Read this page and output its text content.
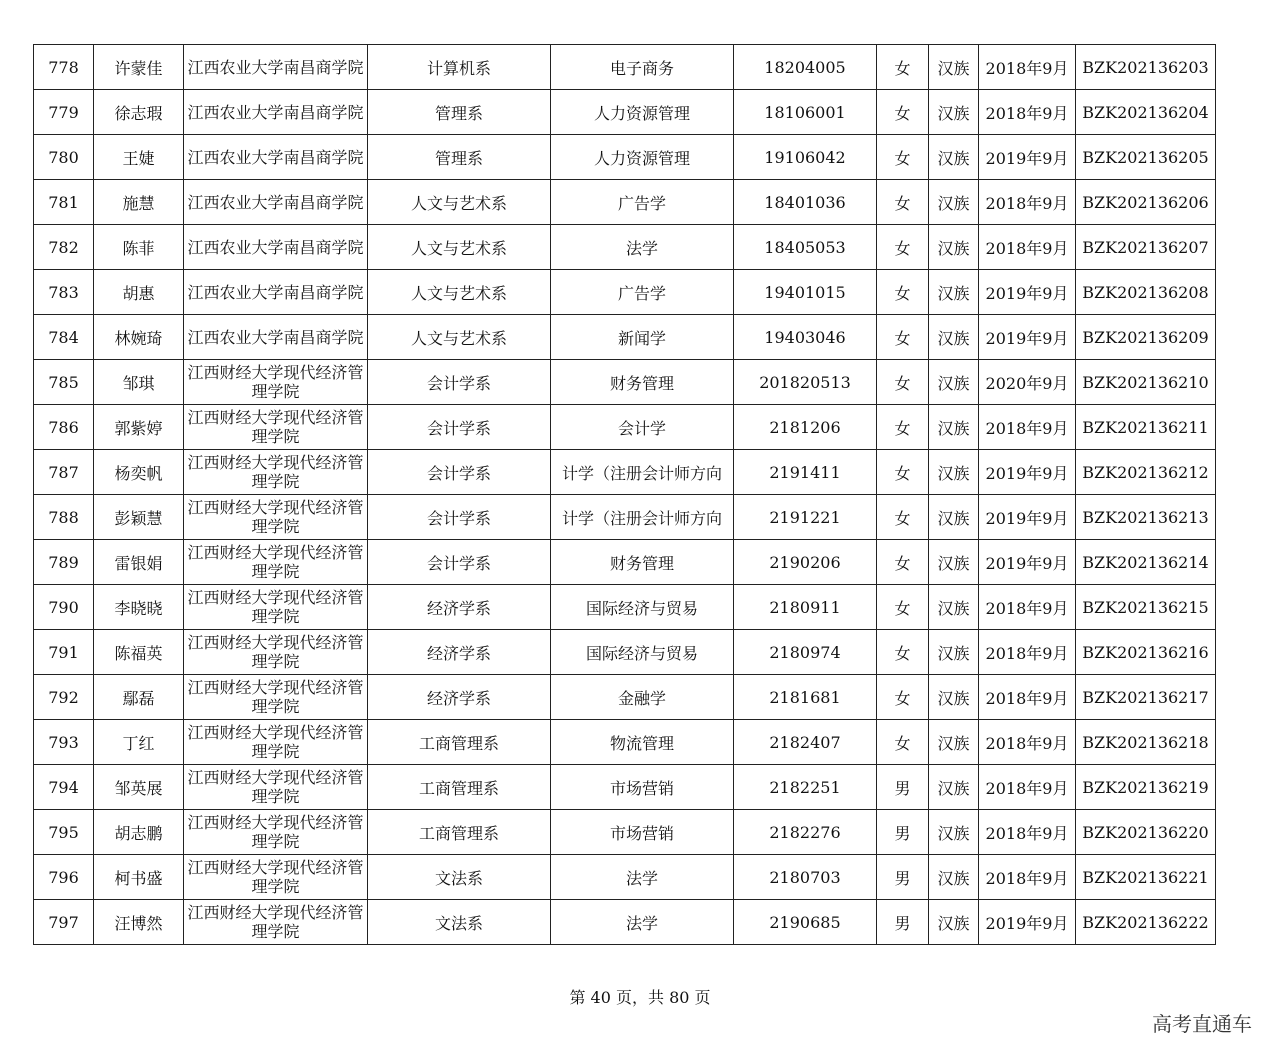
778	许蒙佳	江西农业大学南昌商学院	计算机系	电子商务	18204005	女	汉族	2018年9月	BZK202136203
779	徐志瑕	江西农业大学南昌商学院	管理系	人力资源管理	18106001	女	汉族	2018年9月	BZK202136204
780	王婕	江西农业大学南昌商学院	管理系	人力资源管理	19106042	女	汉族	2019年9月	BZK202136205
781	施慧	江西农业大学南昌商学院	人文与艺术系	广告学	18401036	女	汉族	2018年9月	BZK202136206
782	陈菲	江西农业大学南昌商学院	人文与艺术系	法学	18405053	女	汉族	2018年9月	BZK202136207
783	胡惠	江西农业大学南昌商学院	人文与艺术系	广告学	19401015	女	汉族	2019年9月	BZK202136208
784	林婉琦	江西农业大学南昌商学院	人文与艺术系	新闻学	19403046	女	汉族	2019年9月	BZK202136209
785	邹琪	江西财经大学现代经济管理学院	会计学系	财务管理	201820513	女	汉族	2020年9月	BZK202136210
786	郭紫婷	江西财经大学现代经济管理学院	会计学系	会计学	2181206	女	汉族	2018年9月	BZK202136211
787	杨奕帆	江西财经大学现代经济管理学院	会计学系	计学（注册会计师方向	2191411	女	汉族	2019年9月	BZK202136212
788	彭颖慧	江西财经大学现代经济管理学院	会计学系	计学（注册会计师方向	2191221	女	汉族	2019年9月	BZK202136213
789	雷银娟	江西财经大学现代经济管理学院	会计学系	财务管理	2190206	女	汉族	2019年9月	BZK202136214
790	李晓晓	江西财经大学现代经济管理学院	经济学系	国际经济与贸易	2180911	女	汉族	2018年9月	BZK202136215
791	陈福英	江西财经大学现代经济管理学院	经济学系	国际经济与贸易	2180974	女	汉族	2018年9月	BZK202136216
792	鄢磊	江西财经大学现代经济管理学院	经济学系	金融学	2181681	女	汉族	2018年9月	BZK202136217
793	丁红	江西财经大学现代经济管理学院	工商管理系	物流管理	2182407	女	汉族	2018年9月	BZK202136218
794	邹英展	江西财经大学现代经济管理学院	工商管理系	市场营销	2182251	男	汉族	2018年9月	BZK202136219
795	胡志鹏	江西财经大学现代经济管理学院	工商管理系	市场营销	2182276	男	汉族	2018年9月	BZK202136220
796	柯书盛	江西财经大学现代经济管理学院	文法系	法学	2180703	男	汉族	2018年9月	BZK202136221
797	汪博然	江西财经大学现代经济管理学院	文法系	法学	2190685	男	汉族	2019年9月	BZK202136222
第 40 页，共 80 页
高考直通车
